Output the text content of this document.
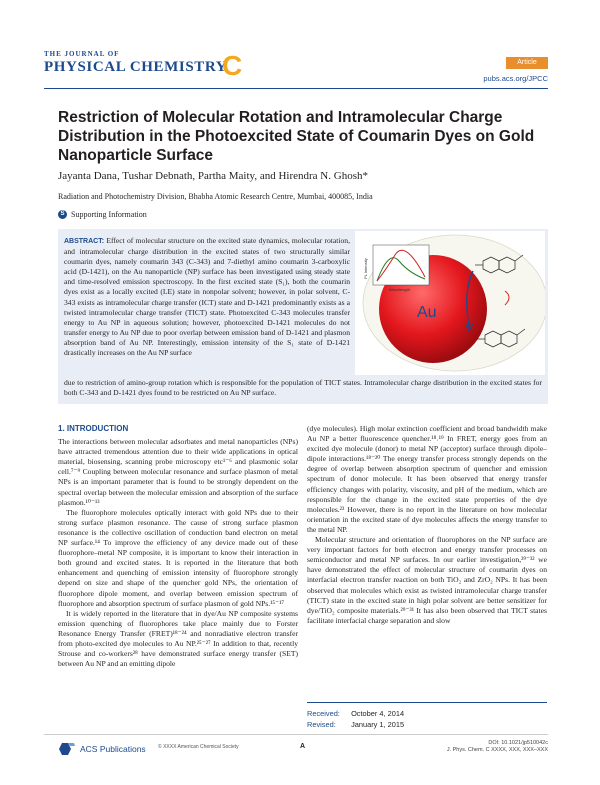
THE JOURNAL OF
PHYSICAL CHEMISTRY
C	Article
pubs.acs.org/JPCC
Restriction of Molecular Rotation and Intramolecular Charge Distribution in the Photoexcited State of Coumarin Dyes on Gold Nanoparticle Surface
Jayanta Dana, Tushar Debnath, Partha Maity, and Hirendra N. Ghosh*
Radiation and Photochemistry Division, Bhabha Atomic Research Centre, Mumbai, 400085, India
S Supporting Information
ABSTRACT: Effect of molecular structure on the excited state dynamics, molecular rotation, and intramolecular charge distribution in the excited states of two structurally similar coumarin dyes, namely coumarin 343 (C-343) and 7-diethyl amino coumarin 3-carboxylic acid (D-1421), on the Au nanoparticle (NP) surface has been investigated using steady state and time-resolved emission spectroscopy. In the first excited state (S₁), both the coumarin dyes exist as a locally excited (LE) state in nonpolar solvent; however, in polar solvent, C-343 exists as intramolecular charge transfer (ICT) state and D-1421 predominantly exists as a twisted intramolecular charge transfer (TICT) state. Photoexcited C-343 molecules transfer energy to Au NP in aqueous solution; however, photoexcited D-1421 molecules do not transfer energy to Au NP due to poor overlap between emission band of D-1421 and plasmon absorption band of Au NP. Interestingly, emission intensity of the S₁ state of D-1421 drastically increases on the Au NP surface
Au
PL Intensity
Wavelength
due to restriction of amino-group rotation which is responsible for the population of TICT states. Intramolecular charge distribution in the excited states for both C-343 and D-1421 dyes found to be restricted on Au NP surface.
1. INTRODUCTION

The interactions between molecular adsorbates and metal nanoparticles (NPs) have attracted tremendous attention due to their wide applications in optical material, biosensing, scanning probe microscopy etc¹⁻⁶ and plasmonic solar cell.⁷⁻⁹ Coupling between molecular resonance and surface plasmon of metal NPs is an important parameter that is found to be strongly dependent on the spectral overlap between the molecular emission and absorption of the surface plasmon.¹⁰⁻¹³

The fluorophore molecules optically interact with gold NPs due to their strong surface plasmon resonance. The cause of strong surface plasmon resonance is the collective oscillation of conduction band electron on metal NP surface.¹⁴ To improve the efficiency of any device made out of these fluorophore–metal NP composite, it is important to know their interaction in both ground and excited states. It is reported in the literature that both enhancement and quenching of emission intensity of fluorophore strongly depend on size and shape of the quencher gold NPs, the orientation of fluorophore dipole moment, and overlap between emission spectrum of fluorophore and absorption spectrum of surface plasmon of gold NPs.¹⁵⁻¹⁷

It is widely reported in the literature that in dye/Au NP composite systems emission quenching of fluorophores take place mainly due to Forster Resonance Energy Transfer (FRET)¹⁸⁻²⁴ and nonradiative electron transfer from photo-excited dye molecules to Au NP.²⁵⁻²⁷ In addition to that, recently Strouse and co-workers²⁸ have demonstrated surface energy transfer (SET) between Au NP and an emitting dipole

(dye molecules). High molar extinction coefficient and broad bandwidth make Au NP a better fluorescence quencher.¹⁸˒¹⁹ In FRET, energy goes from an excited dye molecule (donor) to metal NP (acceptor) surface through dipole–dipole interactions.¹⁸⁻²⁰ The energy transfer process strongly depends on the degree of overlap between absorption spectrum of quencher and emission spectrum of donor molecule. It has been observed that energy transfer efficiency changes with polarity, viscosity, and pH of the medium, which are responsible for the change in the excited state properties of the dye molecules.²³ However, there is no report in the literature on how molecular orientation in the excited state of dye molecules affects the energy transfer to the metal NP.

Molecular structure and orientation of fluorophores on the NP surface are very important factors for both electron and energy transfer processes on semiconductor and metal NP surfaces. In our earlier investigation,²⁹⁻³² we have demonstrated the effect of molecular structure of coumarin dyes on interfacial electron transfer reaction on both TiO₂ and ZrO₂ NPs. It has been observed that molecules which exist as twisted intramolecular charge transfer (TICT) state in the excited state in high polar solvent are better sensitizer for dye/TiO₂ composite materials.²⁹⁻³¹ It has also been observed that TICT states facilitate interfacial charge separation and slow

Received: October 4, 2014
Revised: January 1, 2015
ACS Publications © XXXX American Chemical Society	A	DOI: 10.1021/jp510042c
J. Phys. Chem. C XXXX, XXX, XXX–XXX
